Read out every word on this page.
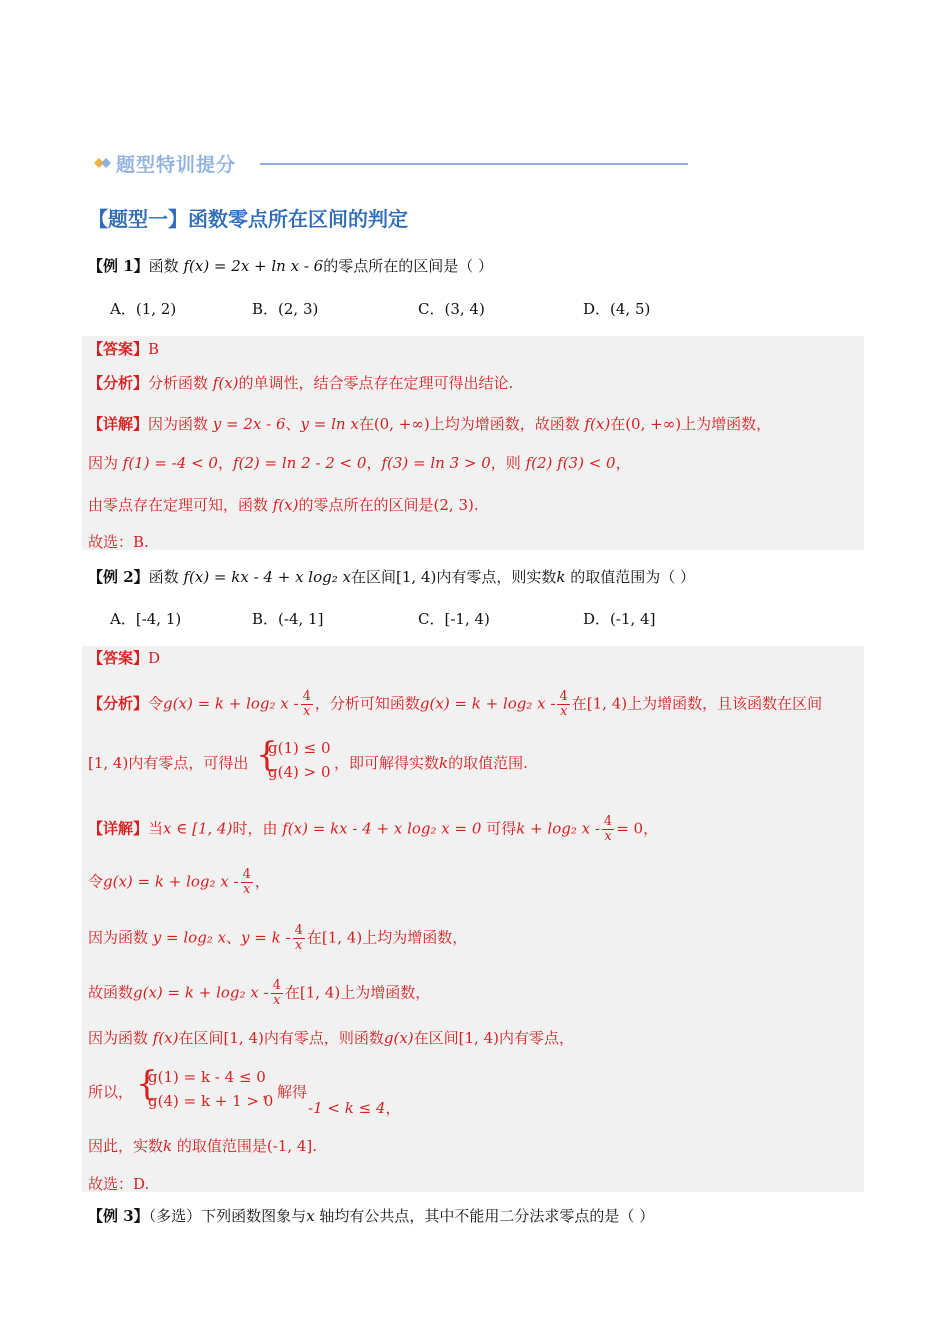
题型特训提分
【题型一】函数零点所在区间的判定
【例 1】函数 f(x) = 2x + ln x - 6的零点所在的区间是（ ）
A．(1, 2)	B．(2, 3)	C．(3, 4)	D．(4, 5)
【答案】B
【分析】分析函数 f(x)的单调性，结合零点存在定理可得出结论.
【详解】因为函数 y = 2x - 6、y = ln x在(0, +∞)上均为增函数，故函数 f(x)在(0, +∞)上为增函数，
因为 f(1) = -4 < 0，f(2) = ln 2 - 2 < 0，f(3) = ln 3 > 0，则 f(2) f(3) < 0，
由零点存在定理可知，函数 f(x)的零点所在的区间是(2, 3).
故选：B.
【例 2】函数 f(x) = kx - 4 + x log₂ x在区间[1, 4)内有零点，则实数k 的取值范围为（ ）
A．[-4, 1)	B．(-4, 1]	C．[-1, 4)	D．(-1, 4]
【答案】D
【分析】令g(x) = k + log₂ x - $\frac{4}{x}$ ，分析可知函数g(x) = k + log₂ x - $\frac{4}{x}$ 在[1, 4)上为增函数，且该函数在区间
[1, 4)内有零点，可得出 {
g(1) ≤ 0
g(4) > 0 ，即可解得实数k的取值范围.
【详解】当x ∈ [1, 4)时，由 f(x) = kx - 4 + x log₂ x = 0 可得k + log₂ $x - \frac{4}{x} = 0$，
令g(x) = k + log₂ x - $\frac{4}{x}$ ，
因为函数 y = log₂ x、$y = k - \frac{4}{x}$ 在[1, 4)上均为增函数，
故函数g(x) = k + log₂ x - $\frac{4}{x}$ 在[1, 4)上为增函数，
因为函数 f(x)在区间[1, 4)内有零点，则函数g(x)在区间[1, 4)内有零点，
所以， {
g(1) = k - 4 ≤ 0
g(4) = k + 1 > 0
，解得
-1 < k ≤ 4，
因此，实数k 的取值范围是(-1, 4].
故选：D.
【例 3】（多选）下列函数图象与x 轴均有公共点，其中不能用二分法求零点的是（ ）
